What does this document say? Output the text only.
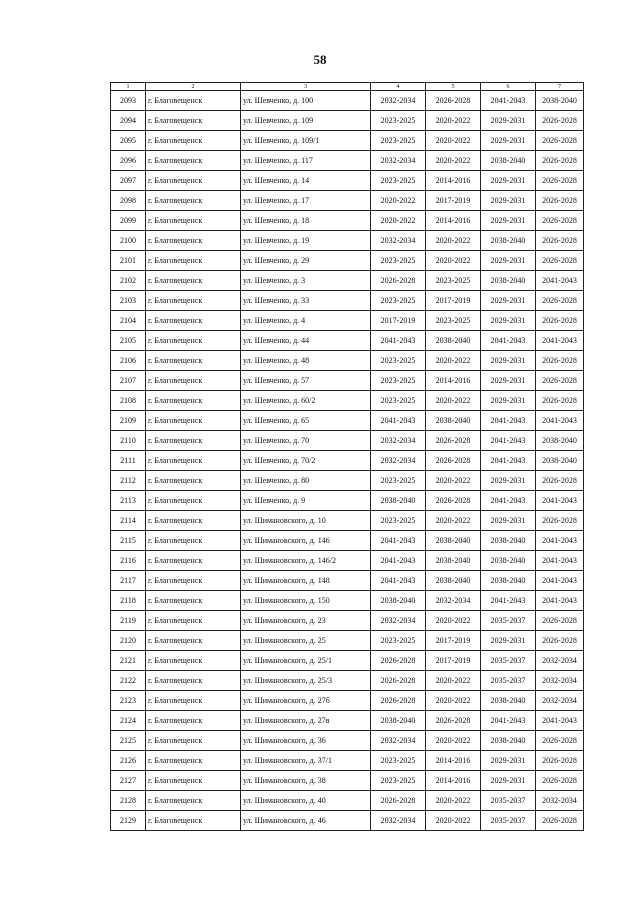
58
1	2	3	4	5	6	7
2093	г. Благовещенск	ул. Шевченко, д. 100	2032-2034	2026-2028	2041-2043	2038-2040
2094	г. Благовещенск	ул. Шевченко, д. 109	2023-2025	2020-2022	2029-2031	2026-2028
2095	г. Благовещенск	ул. Шевченко, д. 109/1	2023-2025	2020-2022	2029-2031	2026-2028
2096	г. Благовещенск	ул. Шевченко, д. 117	2032-2034	2020-2022	2038-2040	2026-2028
2097	г. Благовещенск	ул. Шевченко, д. 14	2023-2025	2014-2016	2029-2031	2026-2028
2098	г. Благовещенск	ул. Шевченко, д. 17	2020-2022	2017-2019	2029-2031	2026-2028
2099	г. Благовещенск	ул. Шевченко, д. 18	2020-2022	2014-2016	2029-2031	2026-2028
2100	г. Благовещенск	ул. Шевченко, д. 19	2032-2034	2020-2022	2038-2040	2026-2028
2101	г. Благовещенск	ул. Шевченко, д. 29	2023-2025	2020-2022	2029-2031	2026-2028
2102	г. Благовещенск	ул. Шевченко, д. 3	2026-2028	2023-2025	2038-2040	2041-2043
2103	г. Благовещенск	ул. Шевченко, д. 33	2023-2025	2017-2019	2029-2031	2026-2028
2104	г. Благовещенск	ул. Шевченко, д. 4	2017-2019	2023-2025	2029-2031	2026-2028
2105	г. Благовещенск	ул. Шевченко, д. 44	2041-2043	2038-2040	2041-2043	2041-2043
2106	г. Благовещенск	ул. Шевченко, д. 48	2023-2025	2020-2022	2029-2031	2026-2028
2107	г. Благовещенск	ул. Шевченко, д. 57	2023-2025	2014-2016	2029-2031	2026-2028
2108	г. Благовещенск	ул. Шевченко, д. 60/2	2023-2025	2020-2022	2029-2031	2026-2028
2109	г. Благовещенск	ул. Шевченко, д. 65	2041-2043	2038-2040	2041-2043	2041-2043
2110	г. Благовещенск	ул. Шевченко, д. 70	2032-2034	2026-2028	2041-2043	2038-2040
2111	г. Благовещенск	ул. Шевченко, д. 70/2	2032-2034	2026-2028	2041-2043	2038-2040
2112	г. Благовещенск	ул. Шевченко, д. 80	2023-2025	2020-2022	2029-2031	2026-2028
2113	г. Благовещенск	ул. Шевченко, д. 9	2038-2040	2026-2028	2041-2043	2041-2043
2114	г. Благовещенск	ул. Шимановского, д. 10	2023-2025	2020-2022	2029-2031	2026-2028
2115	г. Благовещенск	ул. Шимановского, д. 146	2041-2043	2038-2040	2038-2040	2041-2043
2116	г. Благовещенск	ул. Шимановского, д. 146/2	2041-2043	2038-2040	2038-2040	2041-2043
2117	г. Благовещенск	ул. Шимановского, д. 148	2041-2043	2038-2040	2038-2040	2041-2043
2118	г. Благовещенск	ул. Шимановского, д. 150	2038-2040	2032-2034	2041-2043	2041-2043
2119	г. Благовещенск	ул. Шимановского, д. 23	2032-2034	2020-2022	2035-2037	2026-2028
2120	г. Благовещенск	ул. Шимановского, д. 25	2023-2025	2017-2019	2029-2031	2026-2028
2121	г. Благовещенск	ул. Шимановского, д. 25/1	2026-2028	2017-2019	2035-2037	2032-2034
2122	г. Благовещенск	ул. Шимановского, д. 25/3	2026-2028	2020-2022	2035-2037	2032-2034
2123	г. Благовещенск	ул. Шимановского, д. 27б	2026-2028	2020-2022	2038-2040	2032-2034
2124	г. Благовещенск	ул. Шимановского, д. 27в	2038-2040	2026-2028	2041-2043	2041-2043
2125	г. Благовещенск	ул. Шимановского, д. 36	2032-2034	2020-2022	2038-2040	2026-2028
2126	г. Благовещенск	ул. Шимановского, д. 37/1	2023-2025	2014-2016	2029-2031	2026-2028
2127	г. Благовещенск	ул. Шимановского, д. 38	2023-2025	2014-2016	2029-2031	2026-2028
2128	г. Благовещенск	ул. Шимановского, д. 40	2026-2028	2020-2022	2035-2037	2032-2034
2129	г. Благовещенск	ул. Шимановского, д. 46	2032-2034	2020-2022	2035-2037	2026-2028
